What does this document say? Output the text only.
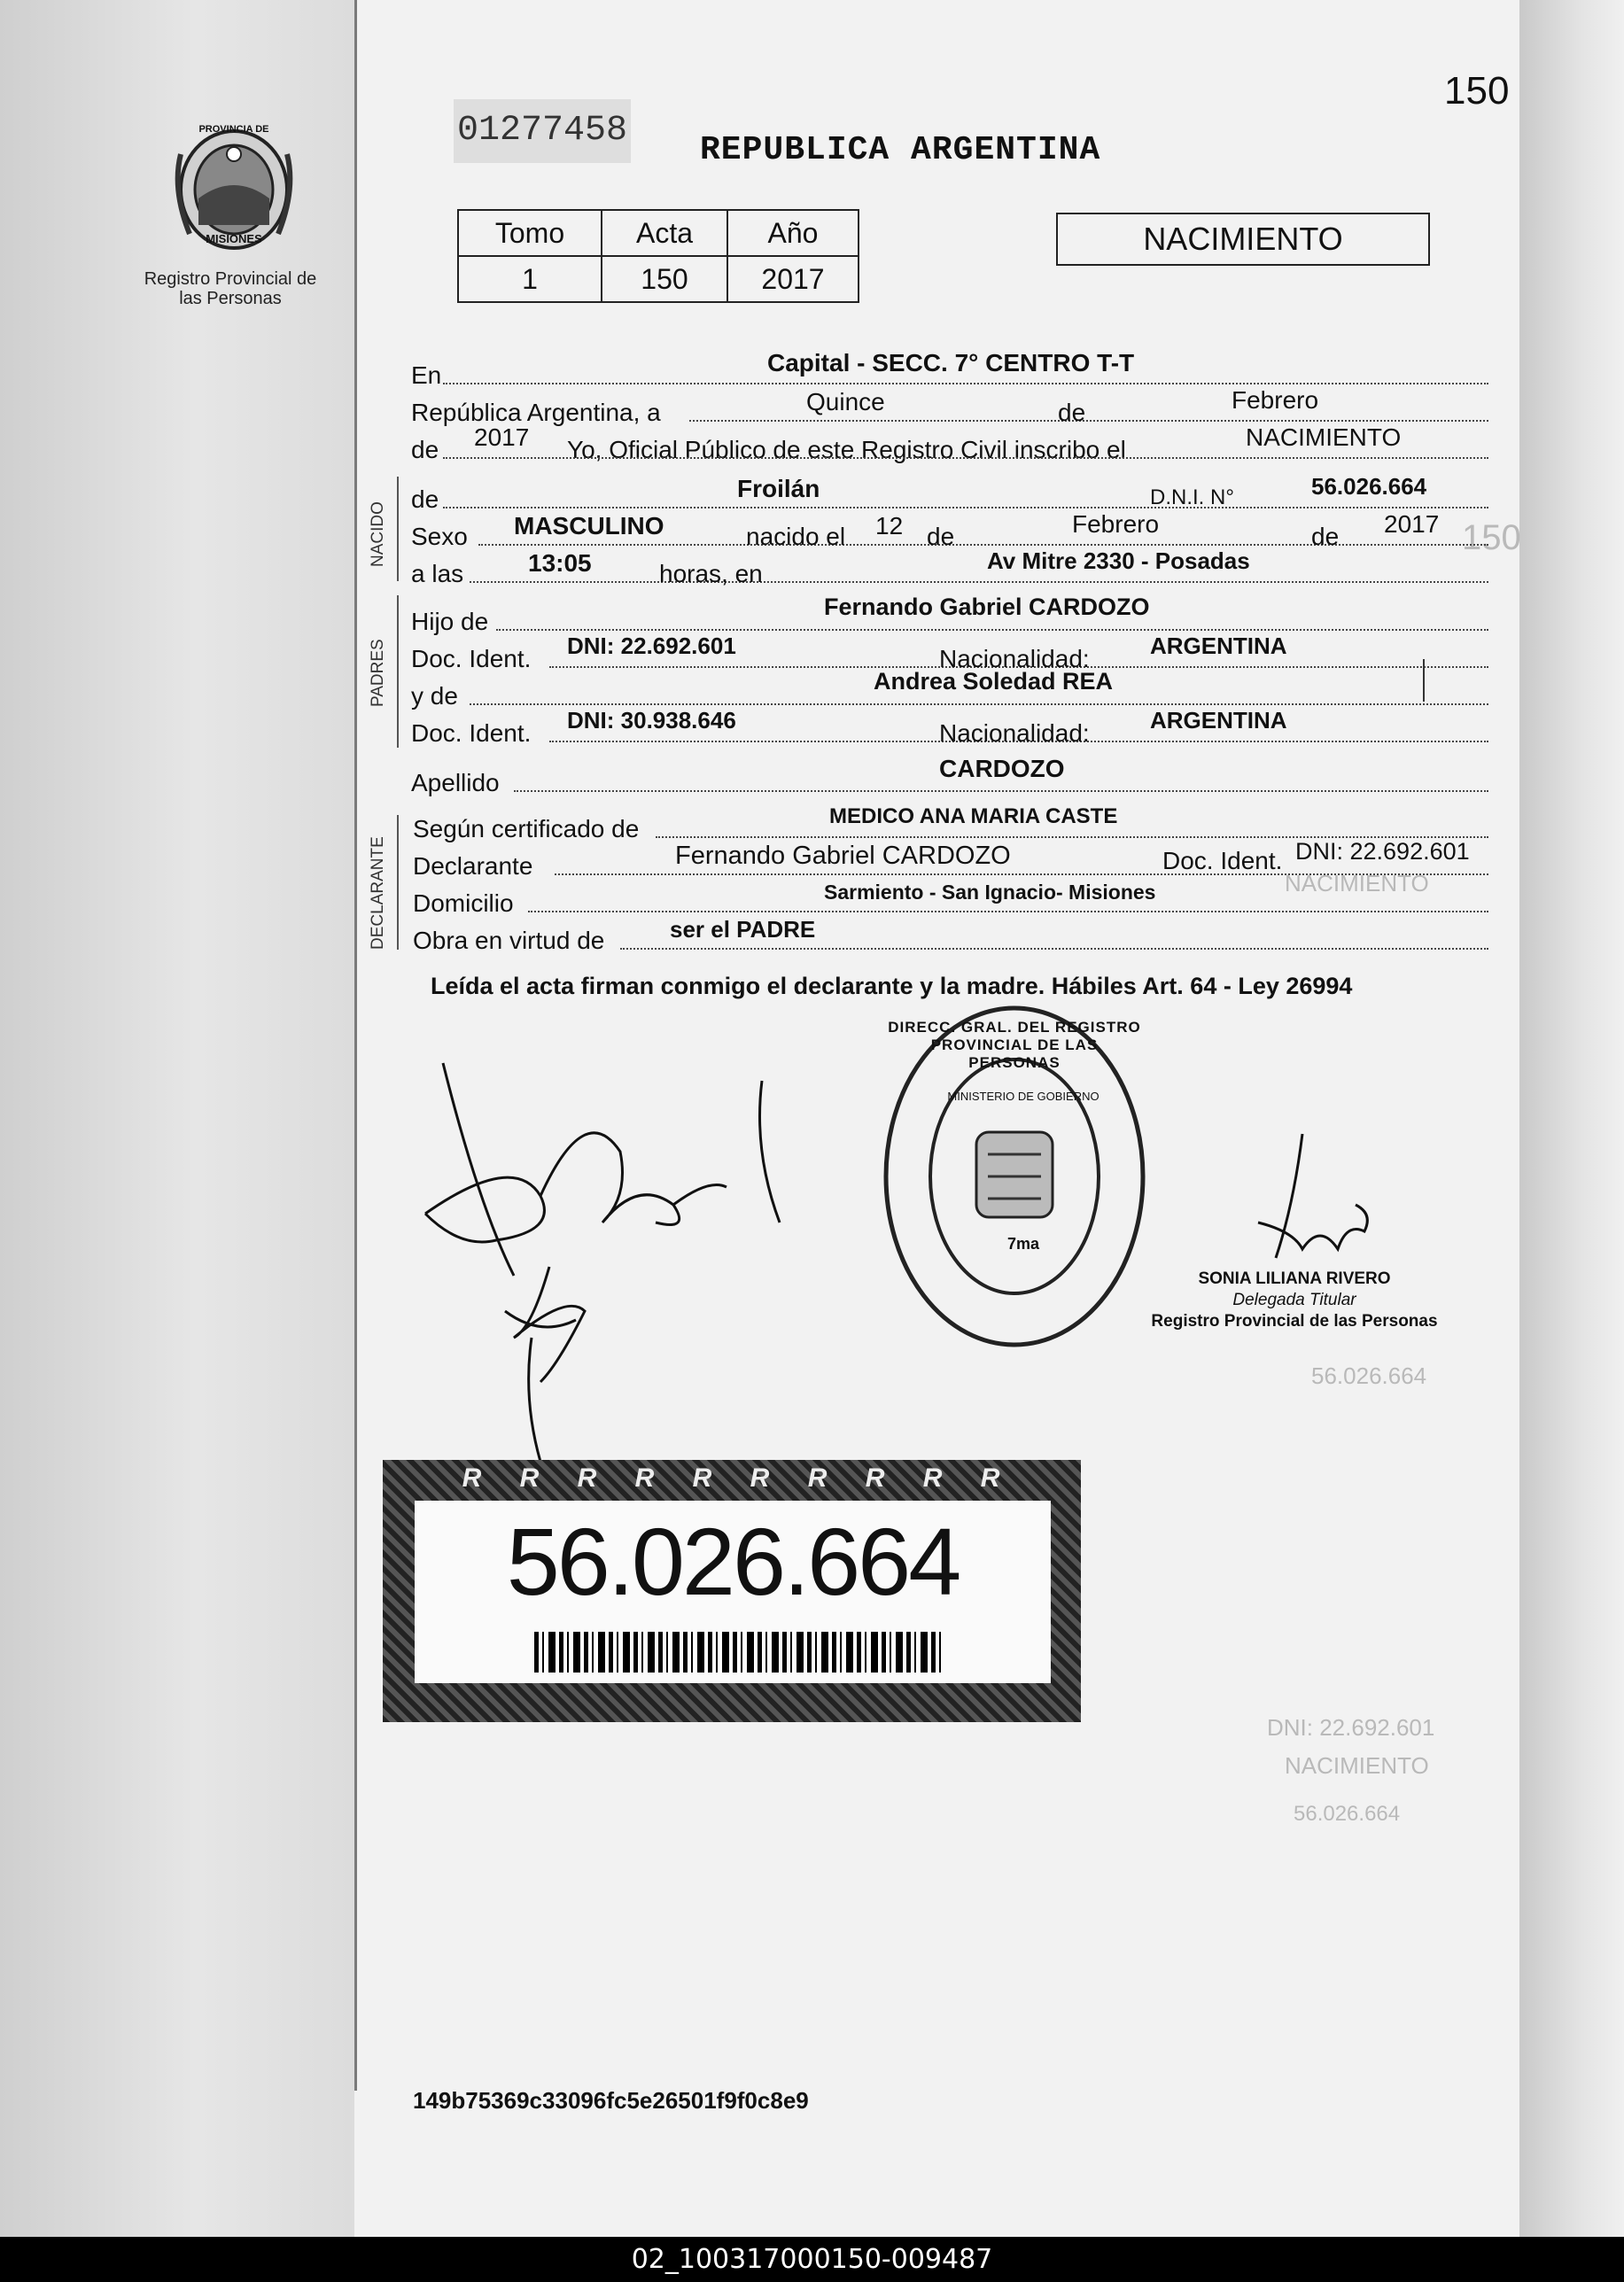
PROVINCIA DE
MISIONES
Registro Provincial de las Personas
01277458 REPUBLICA ARGENTINA
150
Tomo	Acta	Año
1	150	2017
NACIMIENTO
150
NACIMIENTO
56.026.664
DNI: 22.692.601
NACIMIENTO
56.026.664
En	Capital - SECC. 7° CENTRO T-T
República Argentina, a	Quince	de	Febrero
de 2017 Yo, Oficial Público de este Registro Civil inscribo el	NACIMIENTO
NACIDO
de	Froilán	D.N.I. N°	56.026.664
Sexo MASCULINO	nacido el 12 de	Febrero	de 2017
a las	13:05	horas, en	Av Mitre 2330 - Posadas
PADRES
Hijo de
Fernando Gabriel CARDOZO
Doc. Ident. DNI: 22.692.601	Nacionalidad:	ARGENTINA
y de
Andrea Soledad REA
Doc. Ident. DNI: 30.938.646	Nacionalidad:	ARGENTINA
Apellido
CARDOZO
DECLARANTE
Según certificado de	MEDICO ANA MARIA CASTE
Declarante	Fernando Gabriel CARDOZO	Doc. Ident. DNI: 22.692.601
Domicilio	Sarmiento - San Ignacio- Misiones
Obra en virtud de	ser el PADRE
Leída el acta firman conmigo el declarante y la madre. Hábiles Art. 64 - Ley 26994
DIRECC. GRAL. DEL REGISTRO PROVINCIAL DE LAS PERSONAS
MINISTERIO DE GOBIERNO
7ma
SONIA LILIANA RIVERO
Delegada Titular
Registro Provincial de las Personas
R R R R R R R R R R
56.026.664
149b75369c33096fc5e26501f9f0c8e9
02_100317000150-009487
